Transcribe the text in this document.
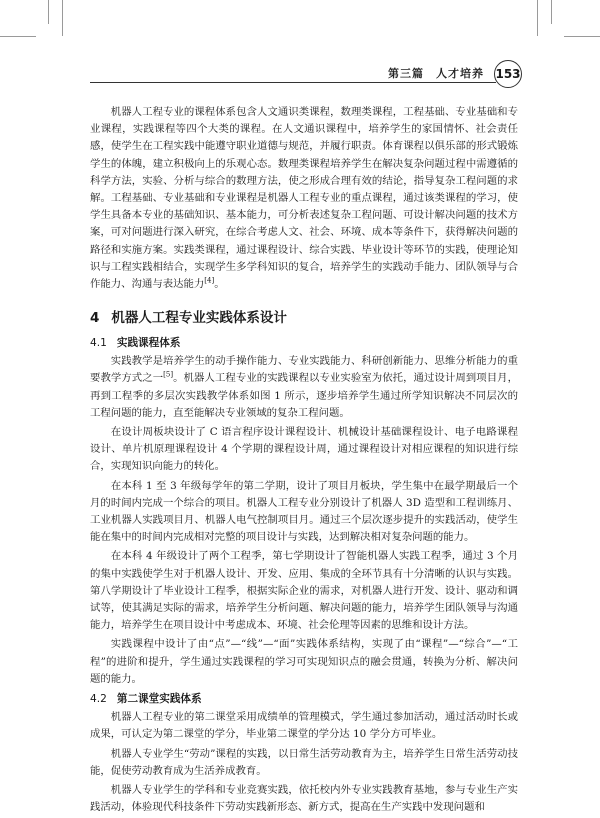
第三篇　人才培养 153

机器人工程专业的课程体系包含人文通识类课程，数理类课程，工程基础、专业基础和专业课程，实践课程等四个大类的课程。在人文通识课程中，培养学生的家国情怀、社会责任感，使学生在工程实践中能遵守职业道德与规范，并履行职责。体育课程以俱乐部的形式锻炼学生的体魄，建立积极向上的乐观心态。数理类课程培养学生在解决复杂问题过程中需遵循的科学方法，实验、分析与综合的数理方法，使之形成合理有效的结论，指导复杂工程问题的求解。工程基础、专业基础和专业课程是机器人工程专业的重点课程，通过该类课程的学习，使学生具备本专业的基础知识、基本能力，可分析表述复杂工程问题、可设计解决问题的技术方案，可对问题进行深入研究，在综合考虑人文、社会、环境、成本等条件下，获得解决问题的路径和实施方案。实践类课程，通过课程设计、综合实践、毕业设计等环节的实践，使理论知识与工程实践相结合，实现学生多学科知识的复合，培养学生的实践动手能力、团队领导与合作能力、沟通与表达能力[4]。

4 机器人工程专业实践体系设计
4.1 实践课程体系

实践教学是培养学生的动手操作能力、专业实践能力、科研创新能力、思维分析能力的重要教学方式之一[5]。机器人工程专业的实践课程以专业实验室为依托，通过设计周到项目月，再到工程季的多层次实践教学体系如图 1 所示，逐步培养学生通过所学知识解决不同层次的工程问题的能力，直至能解决专业领域的复杂工程问题。

在设计周板块设计了 C 语言程序设计课程设计、机械设计基础课程设计、电子电路课程设计、单片机原理课程设计 4 个学期的课程设计周，通过课程设计对相应课程的知识进行综合，实现知识向能力的转化。

在本科 1 至 3 年级每学年的第二学期，设计了项目月板块，学生集中在最学期最后一个月的时间内完成一个综合的项目。机器人工程专业分别设计了机器人 3D 造型和工程训练月、工业机器人实践项目月、机器人电气控制项目月。通过三个层次逐步提升的实践活动，使学生能在集中的时间内完成相对完整的项目设计与实践，达到解决相对复杂问题的能力。

在本科 4 年级设计了两个工程季，第七学期设计了智能机器人实践工程季，通过 3 个月的集中实践使学生对于机器人设计、开发、应用、集成的全环节具有十分清晰的认识与实践。第八学期设计了毕业设计工程季，根据实际企业的需求，对机器人进行开发、设计、驱动和调试等，使其满足实际的需求，培养学生分析问题、解决问题的能力，培养学生团队领导与沟通能力，培养学生在项目设计中考虑成本、环境、社会伦理等因素的思维和设计方法。

实践课程中设计了由“点”—“线”—“面”实践体系结构，实现了由“课程”—“综合”—“工程”的进阶和提升，学生通过实践课程的学习可实现知识点的融会贯通，转换为分析、解决问题的能力。

4.2 第二课堂实践体系

机器人工程专业的第二课堂采用成绩单的管理模式，学生通过参加活动，通过活动时长或成果，可认定为第二课堂的学分，毕业第二课堂的学分达 10 学分方可毕业。

机器人专业学生“劳动”课程的实践，以日常生活劳动教育为主，培养学生日常生活劳动技能，促使劳动教育成为生活养成教育。

机器人专业学生的学科和专业竞赛实践，依托校内外专业实践教育基地，参与专业生产实践活动，体验现代科技条件下劳动实践新形态、新方式，提高在生产实践中发现问题和
